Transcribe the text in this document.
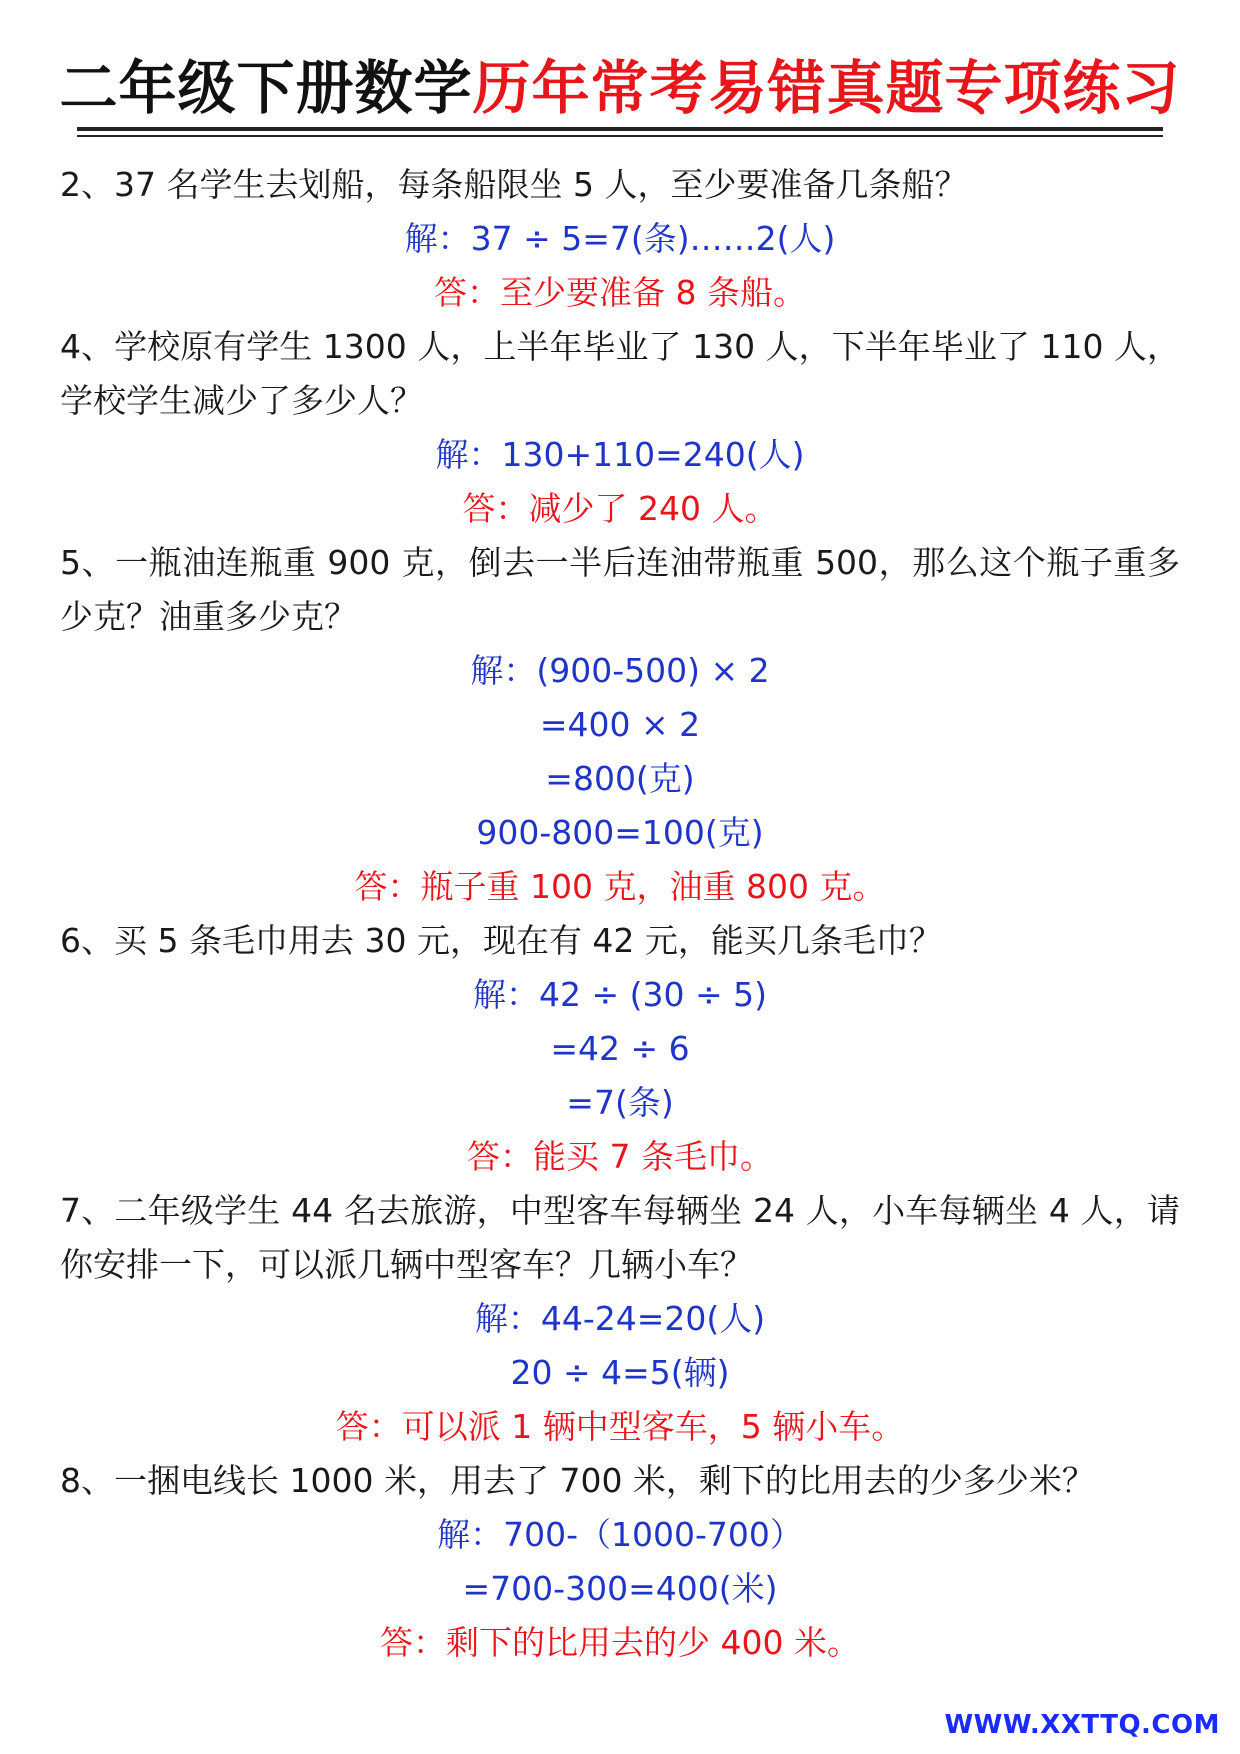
二年级下册数学历年常考易错真题专项练习

2、37 名学生去划船，每条船限坐 5 人，至少要准备几条船？

解：37 ÷ 5=7(条)……2(人)

答：至少要准备 8 条船。

4、学校原有学生 1300 人，上半年毕业了 130 人，下半年毕业了 110 人，学校学生减少了多少人？

解：130+110=240(人)

答：减少了 240 人。

5、一瓶油连瓶重 900 克，倒去一半后连油带瓶重 500，那么这个瓶子重多少克？油重多少克？

解：(900-500) × 2

=400 × 2

=800(克)

900-800=100(克)

答：瓶子重 100 克，油重 800 克。

6、买 5 条毛巾用去 30 元，现在有 42 元，能买几条毛巾？

解：42 ÷ (30 ÷ 5)

=42 ÷ 6

=7(条)

答：能买 7 条毛巾。

7、二年级学生 44 名去旅游，中型客车每辆坐 24 人，小车每辆坐 4 人，请你安排一下，可以派几辆中型客车？几辆小车？

解：44-24=20(人)

20 ÷ 4=5(辆)

答：可以派 1 辆中型客车，5 辆小车。

8、一捆电线长 1000 米，用去了 700 米，剩下的比用去的少多少米？

解：700-（1000-700）

=700-300=400(米)

答：剩下的比用去的少 400 米。

WWW.XXTTQ.COM
